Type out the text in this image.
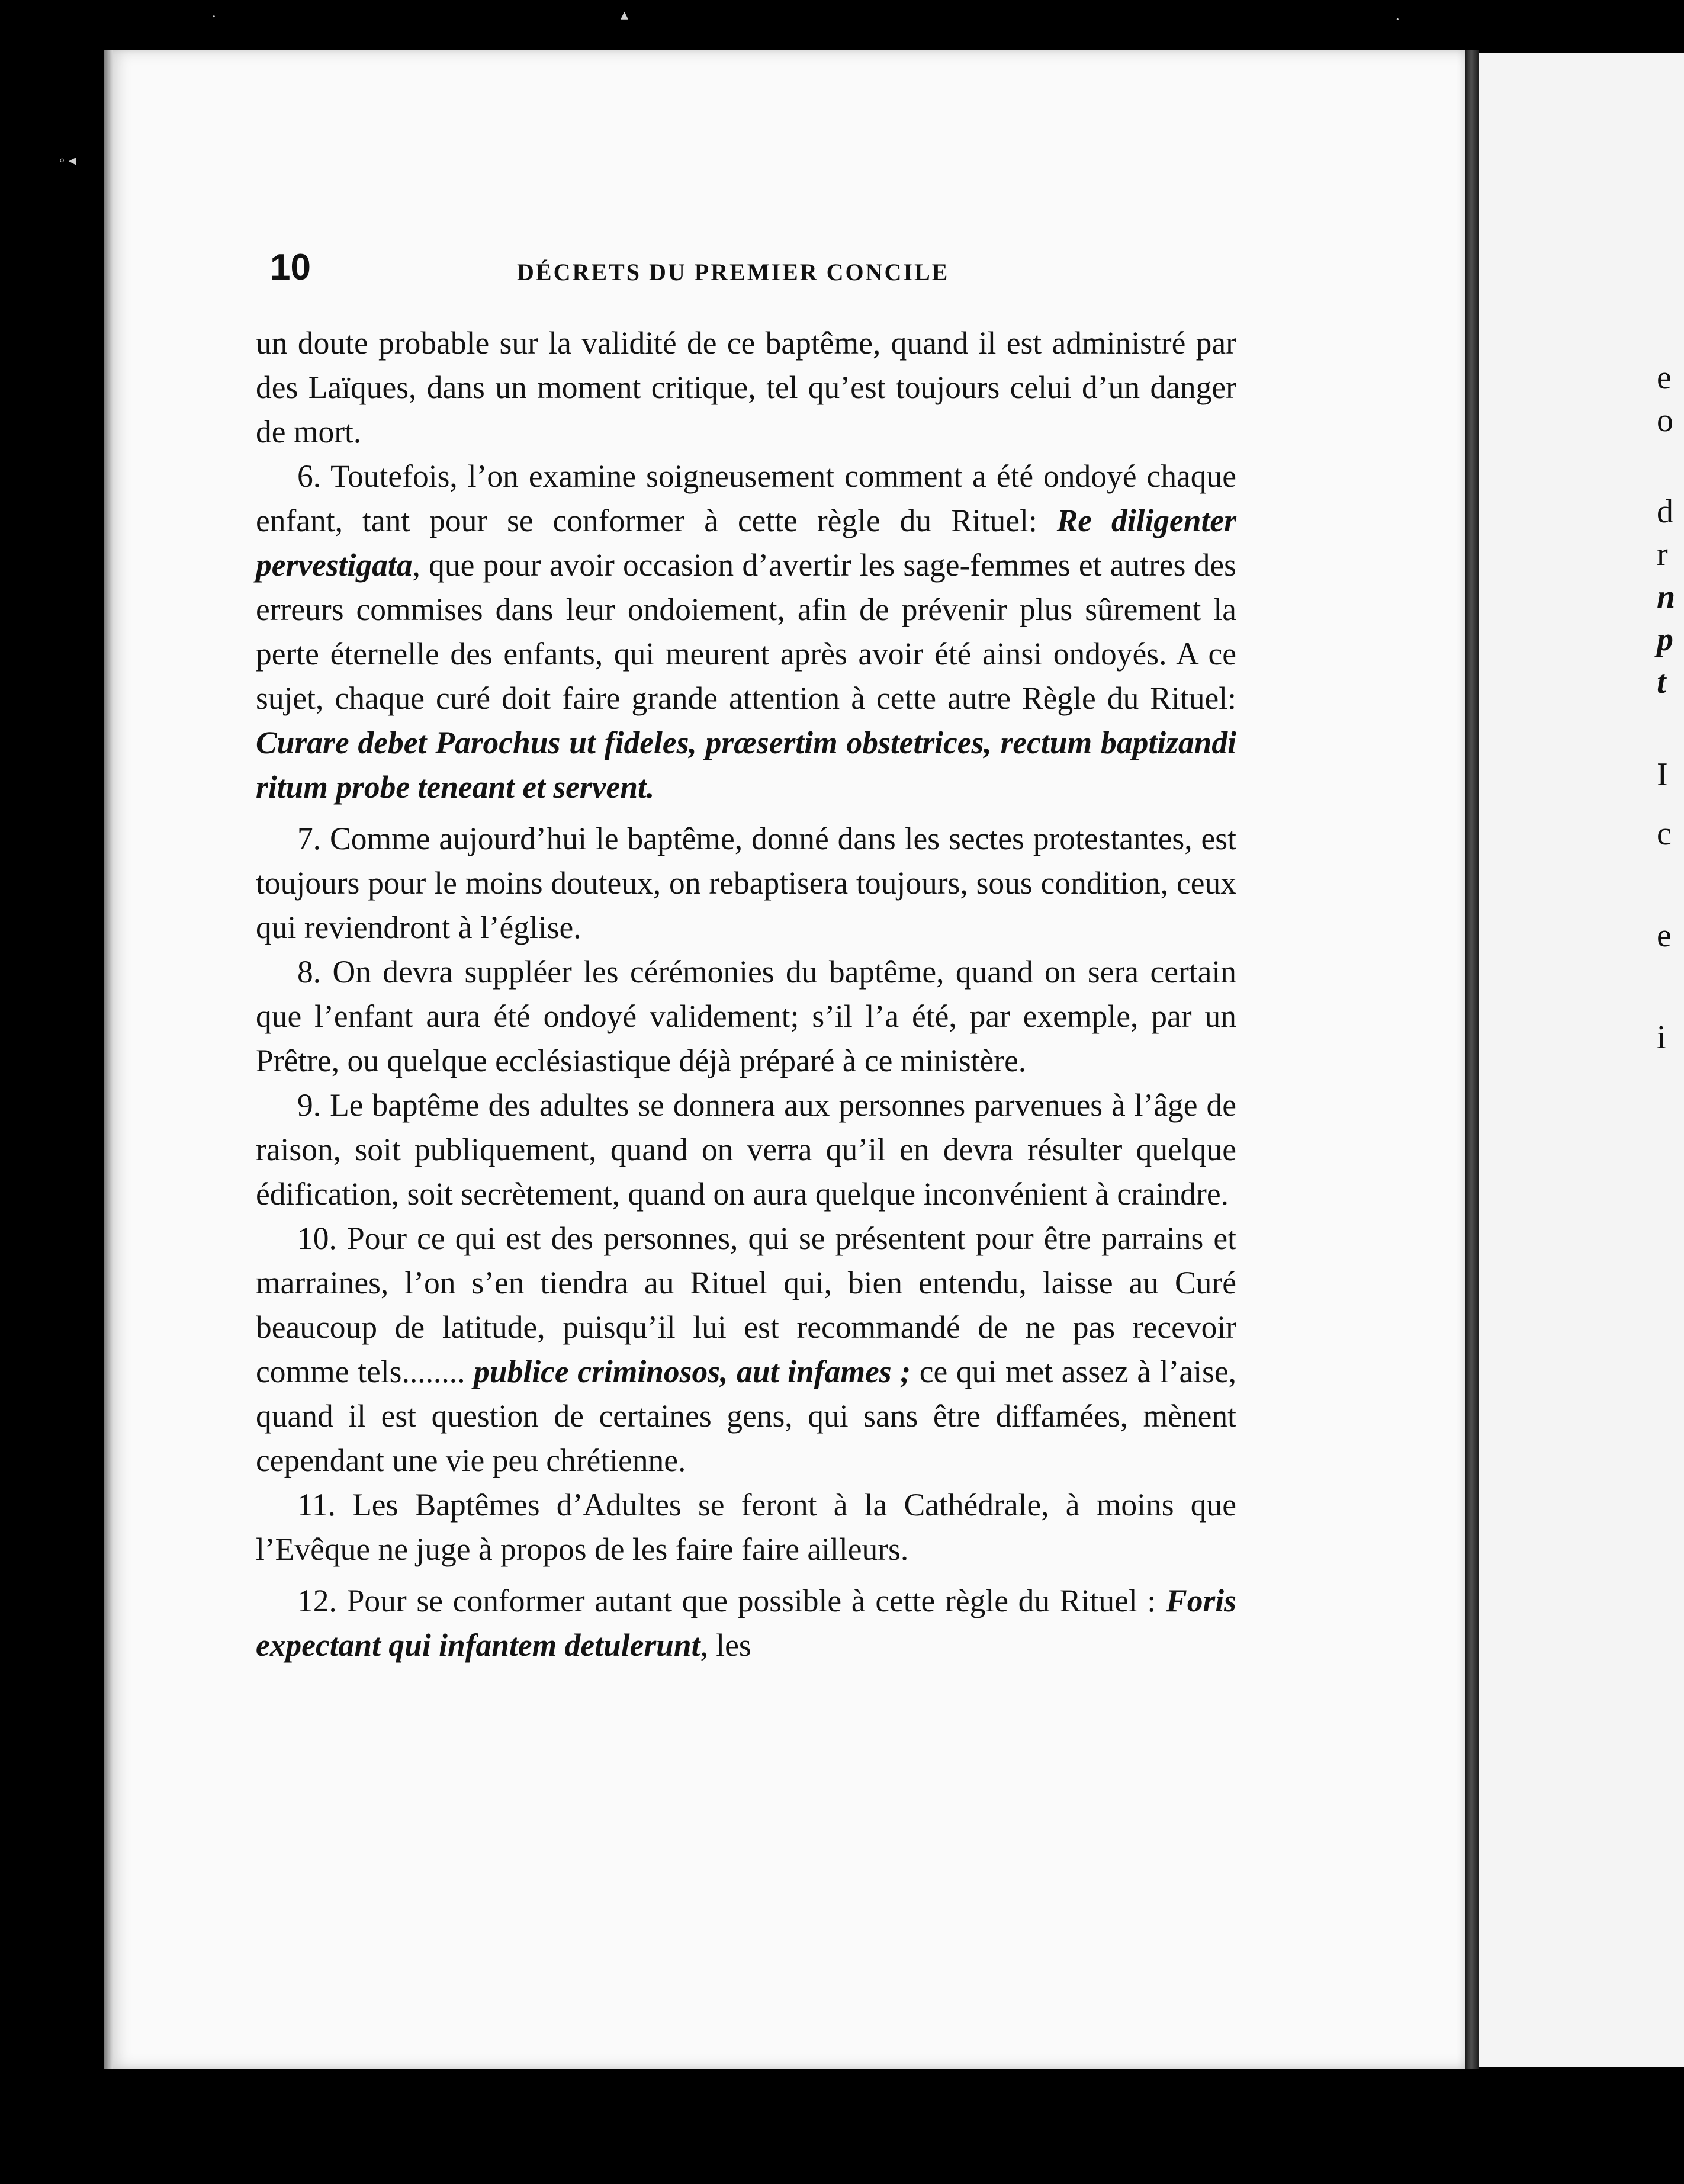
.	▴
◦ ◂
·
e
o
d
r
n
p
t
I
c
e
i
10	DÉCRETS DU PREMIER CONCILE

un doute probable sur la validité de ce baptême, quand il est administré par des Laïques, dans un moment critique, tel qu’est toujours celui d’un danger de mort.

6. Toutefois, l’on examine soigneusement comment a été ondoyé chaque enfant, tant pour se conformer à cette règle du Rituel: Re diligenter pervestigata, que pour avoir occasion d’avertir les sage-femmes et autres des erreurs commises dans leur ondoiement, afin de prévenir plus sûrement la perte éternelle des enfants, qui meurent après avoir été ainsi ondoyés. A ce sujet, chaque curé doit faire grande attention à cette autre Règle du Rituel: Curare debet Parochus ut fideles, præsertim obstetrices, rectum baptizandi ritum probe teneant et servent.

7. Comme aujourd’hui le baptême, donné dans les sectes protestantes, est toujours pour le moins douteux, on rebaptisera toujours, sous condition, ceux qui reviendront à l’église.

8. On devra suppléer les cérémonies du baptême, quand on sera certain que l’enfant aura été ondoyé validement; s’il l’a été, par exemple, par un Prêtre, ou quelque ecclésiastique déjà préparé à ce ministère.

9. Le baptême des adultes se donnera aux personnes parvenues à l’âge de raison, soit publiquement, quand on verra qu’il en devra résulter quelque édification, soit secrètement, quand on aura quelque inconvénient à craindre.

10. Pour ce qui est des personnes, qui se présentent pour être parrains et marraines, l’on s’en tiendra au Rituel qui, bien entendu, laisse au Curé beaucoup de latitude, puisqu’il lui est recommandé de ne pas recevoir comme tels........ publice criminosos, aut infames ; ce qui met assez à l’aise, quand il est question de certaines gens, qui sans être diffamées, mènent cependant une vie peu chrétienne.

11. Les Baptêmes d’Adultes se feront à la Cathédrale, à moins que l’Evêque ne juge à propos de les faire faire ailleurs.

12. Pour se conformer autant que possible à cette règle du Rituel : Foris expectant qui infantem detulerunt, les
